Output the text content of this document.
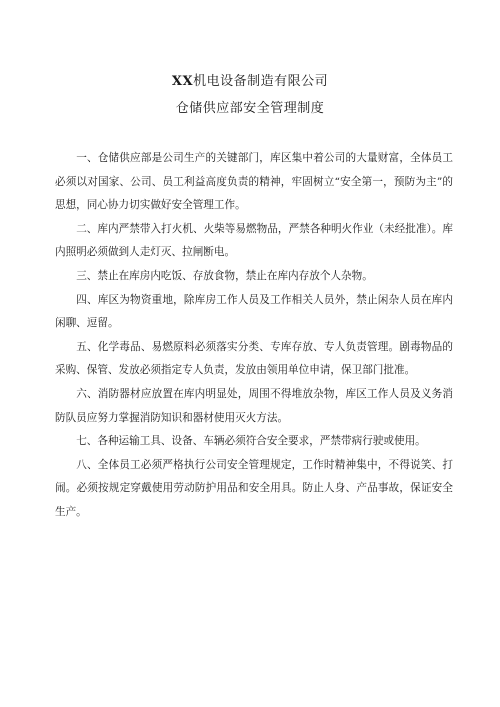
XX机电设备制造有限公司
仓储供应部安全管理制度

一、仓储供应部是公司生产的关键部门，库区集中着公司的大量财富，全体员工必须以对国家、公司、员工利益高度负责的精神，牢固树立“安全第一，预防为主”的思想，同心协力切实做好安全管理工作。

二、库内严禁带入打火机、火柴等易燃物品，严禁各种明火作业（未经批准）。库内照明必须做到人走灯灭、拉闸断电。

三、禁止在库房内吃饭、存放食物，禁止在库内存放个人杂物。

四、库区为物资重地，除库房工作人员及工作相关人员外，禁止闲杂人员在库内闲聊、逗留。

五、化学毒品、易燃原料必须落实分类、专库存放、专人负责管理。剧毒物品的采购、保管、发放必须指定专人负责，发放由领用单位申请，保卫部门批准。

六、消防器材应放置在库内明显处，周围不得堆放杂物，库区工作人员及义务消防队员应努力掌握消防知识和器材使用灭火方法。

七、各种运输工具、设备、车辆必须符合安全要求，严禁带病行驶或使用。

八、全体员工必须严格执行公司安全管理规定，工作时精神集中，不得说笑、打闹。必须按规定穿戴使用劳动防护用品和安全用具。防止人身、产品事故，保证安全生产。
